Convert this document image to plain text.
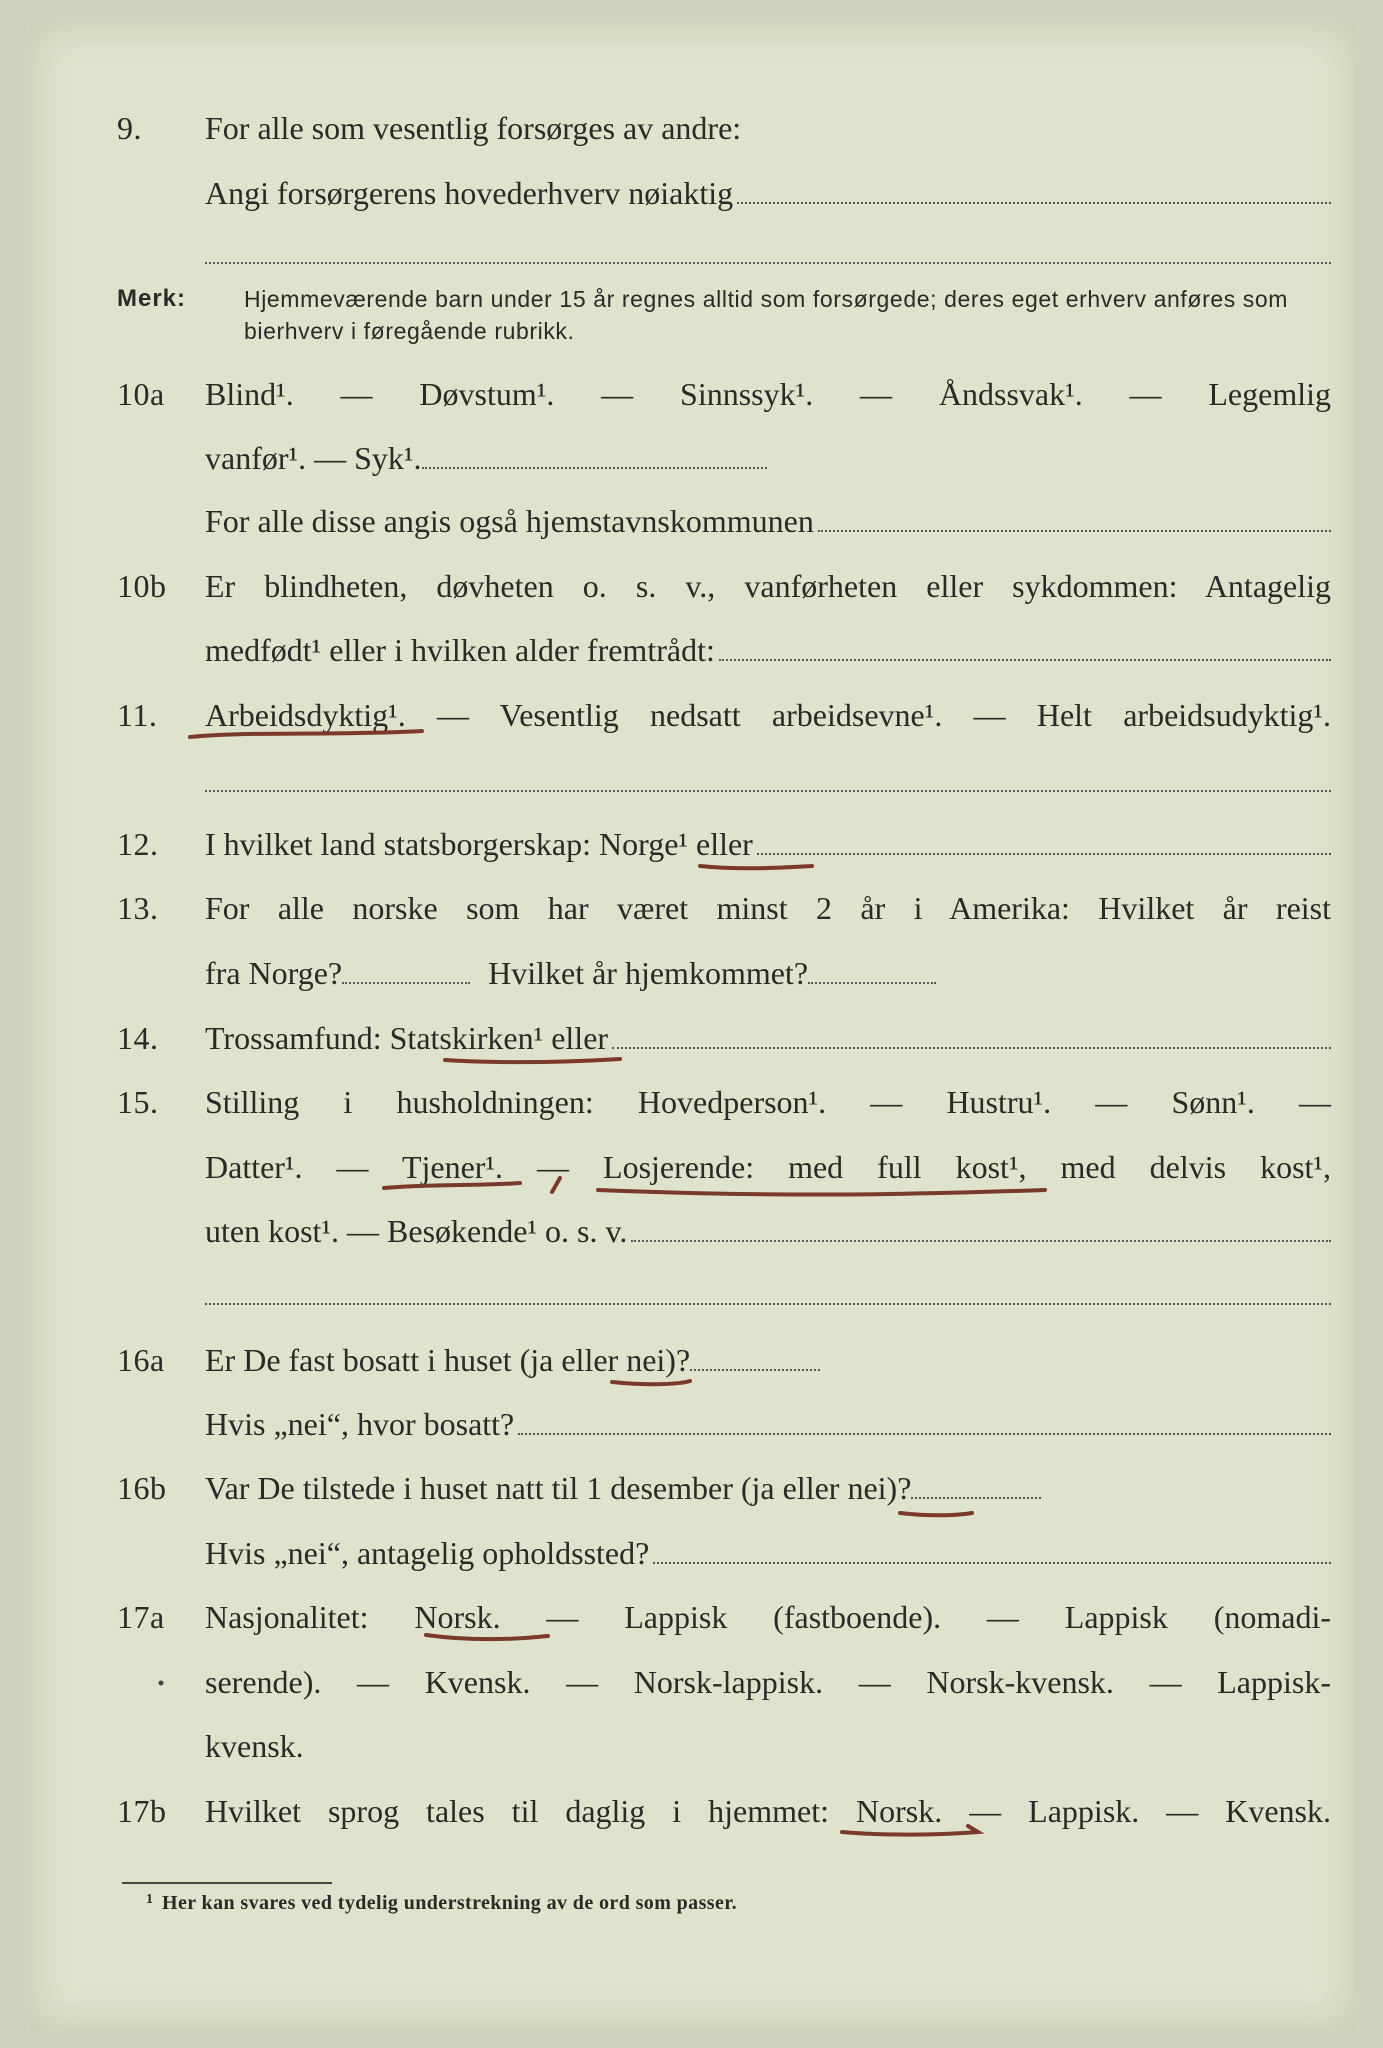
9. For alle som vesentlig forsørges av andre:
Angi forsørgerens hovederhverv nøiaktig
Merk:	Hjemmeværende barn under 15 år regnes alltid som forsørgede; deres eget erhverv anføres som bierhverv i føregående rubrikk.
10a Blind¹. — Døvstum¹. — Sinnssyk¹. — Åndssvak¹. — Legemlig
vanfør¹. — Syk¹.
For alle disse angis også hjemstavnskommunen
10b Er blindheten, døvheten o. s. v., vanførheten eller sykdommen: Antagelig
medfødt¹ eller i hvilken alder fremtrådt:
11. Arbeidsdyktig¹. — Vesentlig nedsatt arbeidsevne¹. — Helt arbeidsudyktig¹.
12. I hvilket land statsborgerskap: Norge¹ eller
13. For alle norske som har været minst 2 år i Amerika: Hvilket år reist
fra Norge?	Hvilket år hjemkommet?
14. Trossamfund: Statskirken¹ eller
15. Stilling i husholdningen: Hovedperson¹. — Hustru¹. — Sønn¹. —
Datter¹. — Tjener¹. — Losjerende: med full kost¹, med delvis kost¹,
uten kost¹. — Besøkende¹ o. s. v.
16a Er De fast bosatt i huset (ja eller nei)?
Hvis „nei“, hvor bosatt?
16b Var De tilstede i huset natt til 1 desember (ja eller nei)?
Hvis „nei“, antagelig opholdssted?
17a Nasjonalitet: Norsk. — Lappisk (fastboende). — Lappisk (nomadi-
serende). — Kvensk. — Norsk-lappisk. — Norsk-kvensk. — Lappisk-
kvensk.
17b Hvilket sprog tales til daglig i hjemmet: Norsk. — Lappisk. — Kvensk.
1 Her kan svares ved tydelig understrekning av de ord som passer.
